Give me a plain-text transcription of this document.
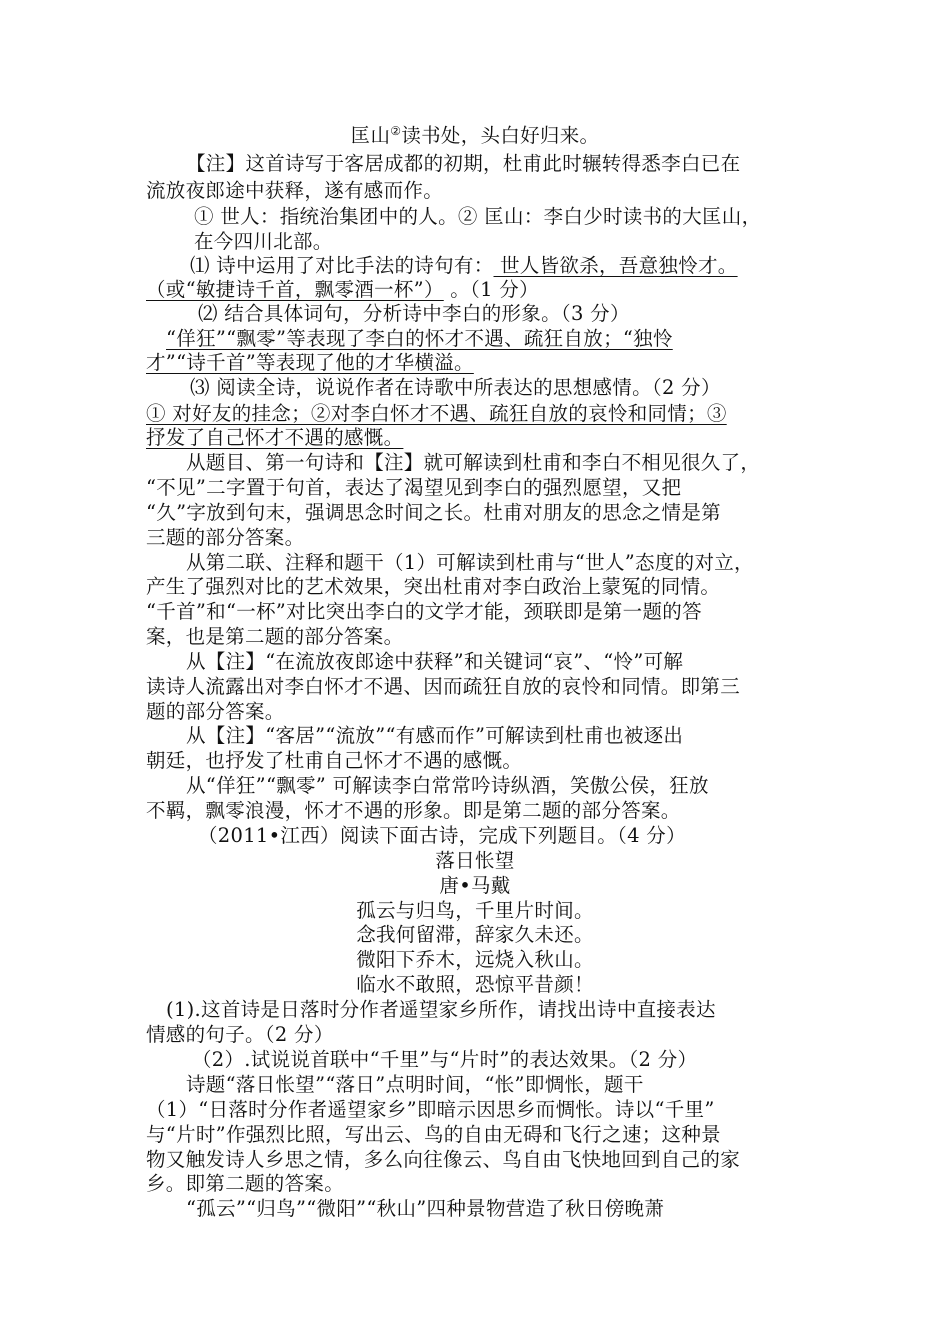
匡山②读书处，头白好归来。
【注】这首诗写于客居成都的初期，杜甫此时辗转得悉李白已在
流放夜郎途中获释，遂有感而作。
① 世人：指统治集团中的人。② 匡山：李白少时读书的大匡山，
在今四川北部。
⑴ 诗中运用了对比手法的诗句有： 世人皆欲杀，吾意独怜才。
（或“敏捷诗千首，飘零酒一杯”） 。（1 分）
⑵ 结合具体词句，分析诗中李白的形象。（3 分）
“佯狂”“飘零”等表现了李白的怀才不遇、疏狂自放；“独怜
才”“诗千首”等表现了他的才华横溢。
⑶ 阅读全诗，说说作者在诗歌中所表达的思想感情。（2 分）
① 对好友的挂念；②对李白怀才不遇、疏狂自放的哀怜和同情；③
抒发了自己怀才不遇的感慨。
从题目、第一句诗和【注】就可解读到杜甫和李白不相见很久了，
“不见”二字置于句首，表达了渴望见到李白的强烈愿望，又把
“久”字放到句末，强调思念时间之长。杜甫对朋友的思念之情是第
三题的部分答案。
从第二联、注释和题干（1）可解读到杜甫与“世人”态度的对立，
产生了强烈对比的艺术效果，突出杜甫对李白政治上蒙冤的同情。
“千首”和“一杯”对比突出李白的文学才能，颈联即是第一题的答
案，也是第二题的部分答案。
从【注】“在流放夜郎途中获释”和关键词“哀”、“怜”可解
读诗人流露出对李白怀才不遇、因而疏狂自放的哀怜和同情。即第三
题的部分答案。
从【注】“客居”“流放”“有感而作”可解读到杜甫也被逐出
朝廷，也抒发了杜甫自己怀才不遇的感慨。
从“佯狂”“飘零” 可解读李白常常吟诗纵酒，笑傲公侯，狂放
不羁，飘零浪漫，怀才不遇的形象。即是第二题的部分答案。
（2011•江西）阅读下面古诗，完成下列题目。（4 分）
落日怅望
唐•马戴
孤云与归鸟，千里片时间。
念我何留滞，辞家久未还。
微阳下乔木，远烧入秋山。
临水不敢照，恐惊平昔颜！
(1).这首诗是日落时分作者遥望家乡所作，请找出诗中直接表达
情感的句子。（2 分）
（2）.试说说首联中“千里”与“片时”的表达效果。（2 分）
诗题“落日怅望”“落日”点明时间，“怅”即惆怅，题干
（1）“日落时分作者遥望家乡”即暗示因思乡而惆怅。诗以“千里”
与“片时”作强烈比照，写出云、鸟的自由无碍和飞行之速；这种景
物又触发诗人乡思之情，多么向往像云、鸟自由飞快地回到自己的家
乡。即第二题的答案。
“孤云”“归鸟”“微阳”“秋山”四种景物营造了秋日傍晚萧
